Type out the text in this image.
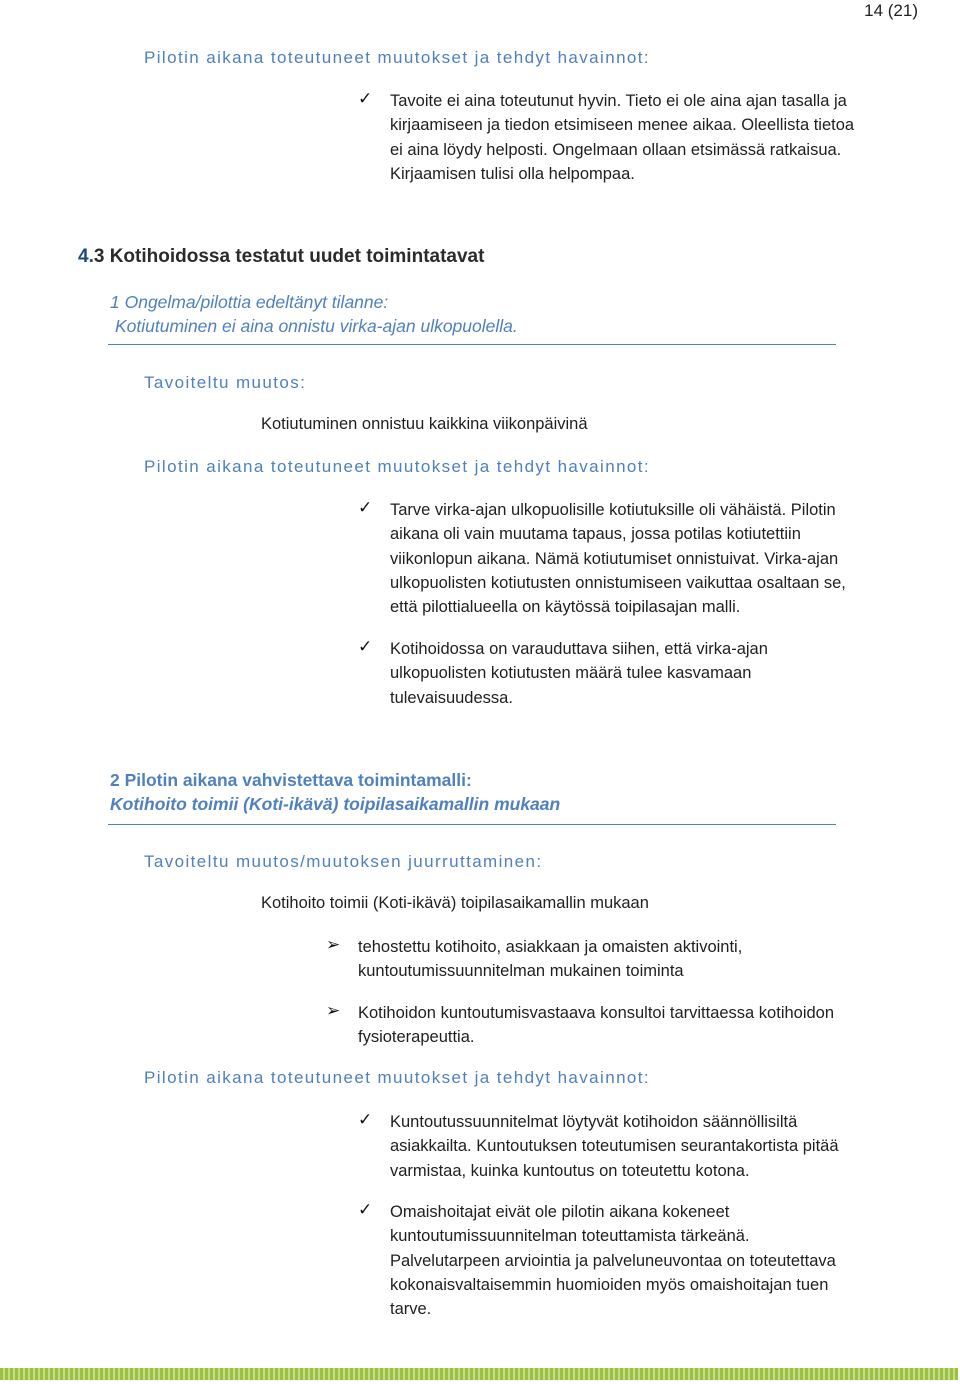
14 (21)
Pilotin aikana toteutuneet muutokset ja tehdyt havainnot:
✓ Tavoite ei aina toteutunut hyvin. Tieto ei ole aina ajan tasalla ja
kirjaamiseen ja tiedon etsimiseen menee aikaa. Oleellista tietoa
ei aina löydy helposti. Ongelmaan ollaan etsimässä ratkaisua.
Kirjaamisen tulisi olla helpompaa.
4.3 Kotihoidossa testatut uudet toimintatavat
1 Ongelma/pilottia edeltänyt tilanne:
Kotiutuminen ei aina onnistu virka-ajan ulkopuolella.
Tavoiteltu muutos:
Kotiutuminen onnistuu kaikkina viikonpäivinä
Pilotin aikana toteutuneet muutokset ja tehdyt havainnot:
✓ Tarve virka-ajan ulkopuolisille kotiutuksille oli vähäistä. Pilotin
aikana oli vain muutama tapaus, jossa potilas kotiutettiin
viikonlopun aikana. Nämä kotiutumiset onnistuivat. Virka-ajan
ulkopuolisten kotiutusten onnistumiseen vaikuttaa osaltaan se,
että pilottialueella on käytössä toipilasajan malli.
✓ Kotihoidossa on varauduttava siihen, että virka-ajan
ulkopuolisten kotiutusten määrä tulee kasvamaan
tulevaisuudessa.
2 Pilotin aikana vahvistettava toimintamalli:
Kotihoito toimii (Koti-ikävä) toipilasaikamallin mukaan
Tavoiteltu muutos/muutoksen juurruttaminen:
Kotihoito toimii (Koti-ikävä) toipilasaikamallin mukaan
➢ tehostettu kotihoito, asiakkaan ja omaisten aktivointi,
kuntoutumissuunnitelman mukainen toiminta
➢ Kotihoidon kuntoutumisvastaava konsultoi tarvittaessa kotihoidon
fysioterapeuttia.
Pilotin aikana toteutuneet muutokset ja tehdyt havainnot:
✓ Kuntoutussuunnitelmat löytyvät kotihoidon säännöllisiltä
asiakkailta. Kuntoutuksen toteutumisen seurantakortista pitää
varmistaa, kuinka kuntoutus on toteutettu kotona.
✓ Omaishoitajat eivät ole pilotin aikana kokeneet
kuntoutumissuunnitelman toteuttamista tärkeänä.
Palvelutarpeen arviointia ja palveluneuvontaa on toteutettava
kokonaisvaltaisemmin huomioiden myös omaishoitajan tuen
tarve.
